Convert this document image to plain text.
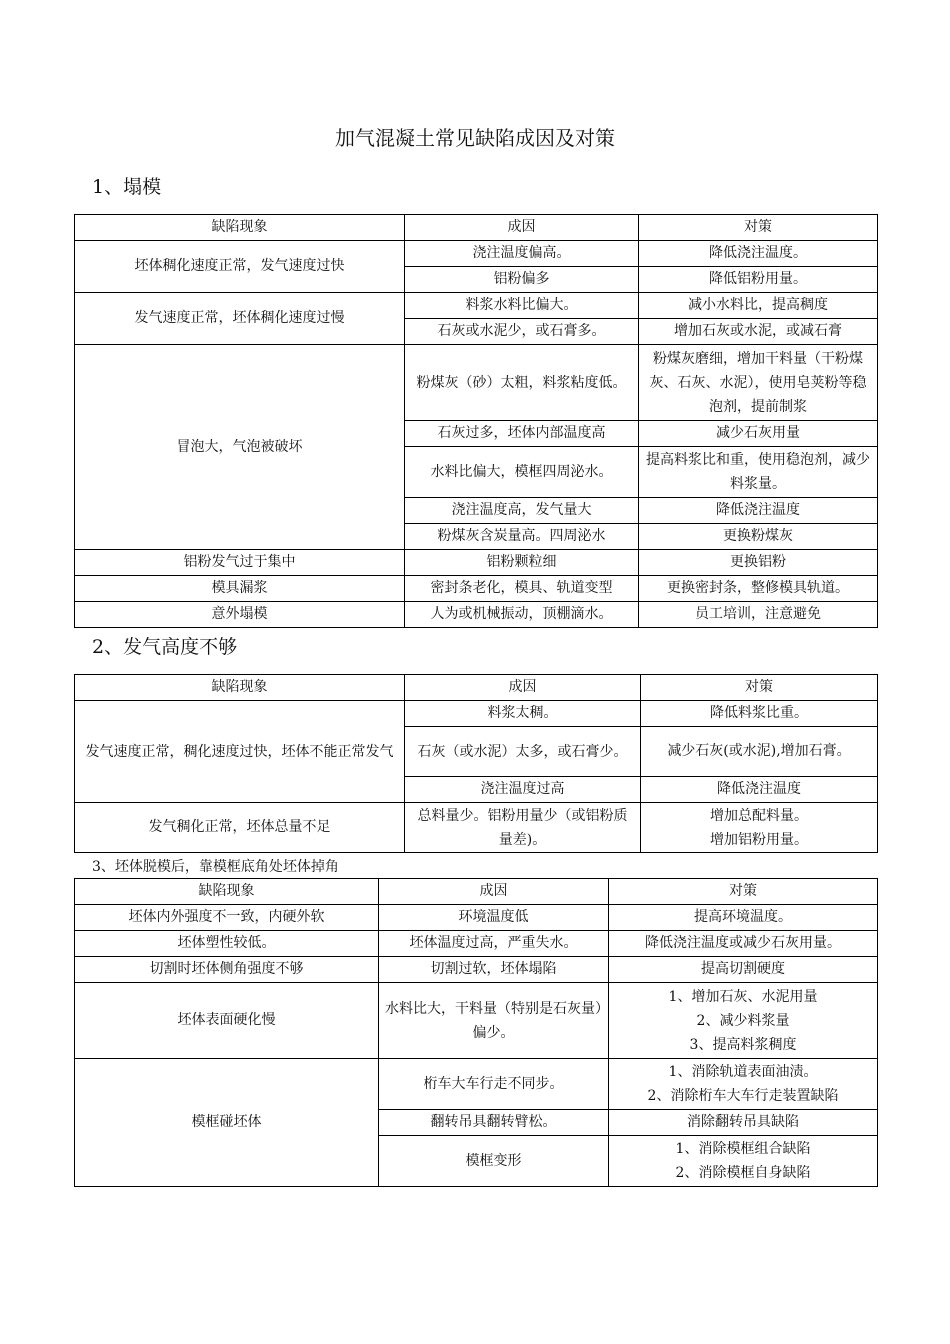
加气混凝土常见缺陷成因及对策
1、塌模
缺陷现象	成因	对策
坯体稠化速度正常，发气速度过快	浇注温度偏高。	降低浇注温度。
	铝粉偏多	降低铝粉用量。
发气速度正常，坯体稠化速度过慢	料浆水料比偏大。	减小水料比，提高稠度
	石灰或水泥少，或石膏多。	增加石灰或水泥，或减石膏
冒泡大，气泡被破坏	粉煤灰（砂）太粗，料浆粘度低。	粉煤灰磨细，增加干料量（干粉煤灰、石灰、水泥），使用皂荚粉等稳泡剂，提前制浆
	石灰过多，坯体内部温度高	减少石灰用量
	水料比偏大，模框四周泌水。	提高料浆比和重，使用稳泡剂，减少料浆量。
	浇注温度高，发气量大	降低浇注温度
	粉煤灰含炭量高。四周泌水	更换粉煤灰
铝粉发气过于集中	铝粉颗粒细	更换铝粉
模具漏浆	密封条老化，模具、轨道变型	更换密封条，整修模具轨道。
意外塌模	人为或机械振动，顶棚滴水。	员工培训，注意避免
2、发气高度不够
缺陷现象	成因	对策
发气速度正常，稠化速度过快，坯体不能正常发气	料浆太稠。	降低料浆比重。
	石灰（或水泥）太多，或石膏少。	减少石灰(或水泥),增加石膏。
	浇注温度过高	降低浇注温度
发气稠化正常，坯体总量不足	总料量少。铝粉用量少（或铝粉质量差)。	增加总配料量。
增加铝粉用量。
3、坯体脱模后，靠模框底角处坯体掉角
缺陷现象	成因	对策
坯体内外强度不一致，内硬外软	环境温度低	提高环境温度。
坯体塑性较低。	坯体温度过高，严重失水。	降低浇注温度或减少石灰用量。
切割时坯体侧角强度不够	切割过软，坯体塌陷	提高切割硬度
坯体表面硬化慢	水料比大，干料量（特别是石灰量）偏少。	1、增加石灰、水泥用量
2、减少料浆量
3、提高料浆稠度

模框碰坯体	桁车大车行走不同步。	1、消除轨道表面油渍。
2、消除桁车大车行走装置缺陷

	翻转吊具翻转臂松。	消除翻转吊具缺陷
	模框变形	1、消除模框组合缺陷
2、消除模框自身缺陷
